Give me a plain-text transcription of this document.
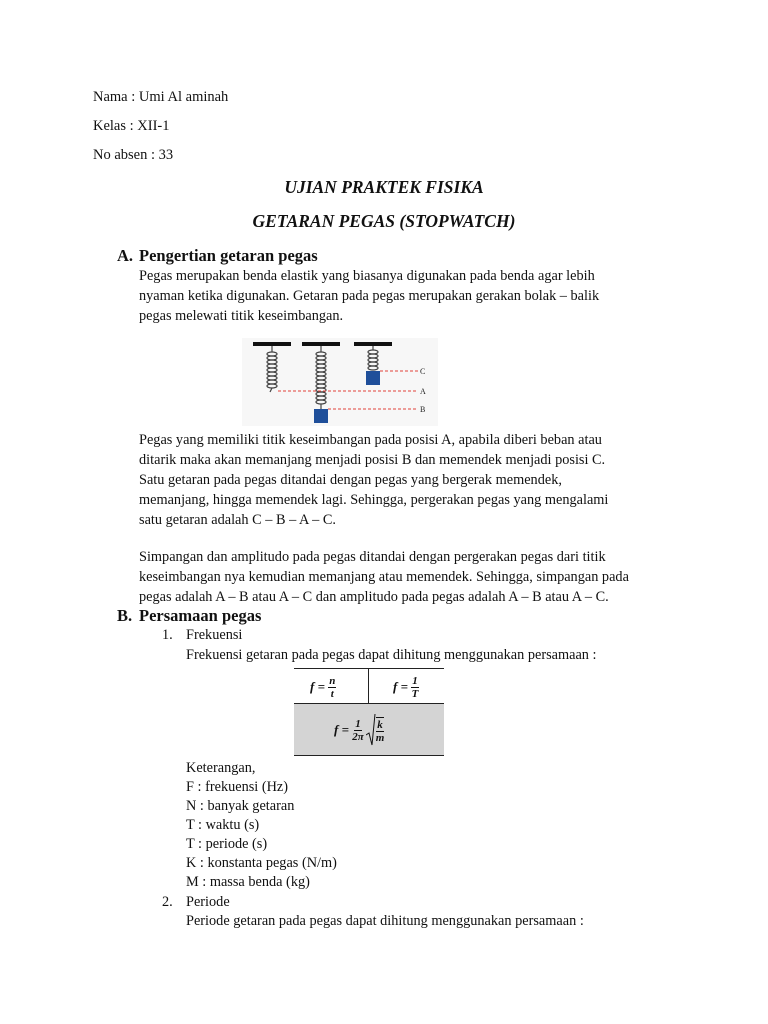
Nama : Umi Al aminah
Kelas : XII-1
No absen : 33
UJIAN PRAKTEK FISIKA
GETARAN PEGAS (STOPWATCH)
A. Pengertian getaran pegas
Pegas merupakan benda elastik yang biasanya digunakan pada benda agar lebih
nyaman ketika digunakan. Getaran pada pegas merupakan gerakan bolak – balik
pegas melewati titik keseimbangan.
C
A
B
Pegas yang memiliki titik keseimbangan pada posisi A, apabila diberi beban atau
ditarik maka akan memanjang menjadi posisi B dan memendek menjadi posisi C.
Satu getaran pada pegas ditandai dengan pegas yang bergerak memendek,
memanjang, hingga memendek lagi. Sehingga, pergerakan pegas yang mengalami
satu getaran adalah C – B – A – C.
Simpangan dan amplitudo pada pegas ditandai dengan pergerakan pegas dari titik
keseimbangan nya kemudian memanjang atau memendek. Sehingga, simpangan pada
pegas adalah A – B atau A – C dan amplitudo pada pegas adalah A – B atau A – C.
B. Persamaan pegas
1. Frekuensi
Frekuensi getaran pada pegas dapat dihitung menggunakan persamaan :
f =
$\frac{n}{t}$	f =
$\frac{1}{T}$
f =
$\frac{1}{2\pi} \frac{k}{m}$
Keterangan,
F : frekuensi (Hz)
N : banyak getaran
T : waktu (s)
T : periode (s)
K : konstanta pegas (N/m)
M : massa benda (kg)
2. Periode
Periode getaran pada pegas dapat dihitung menggunakan persamaan :
